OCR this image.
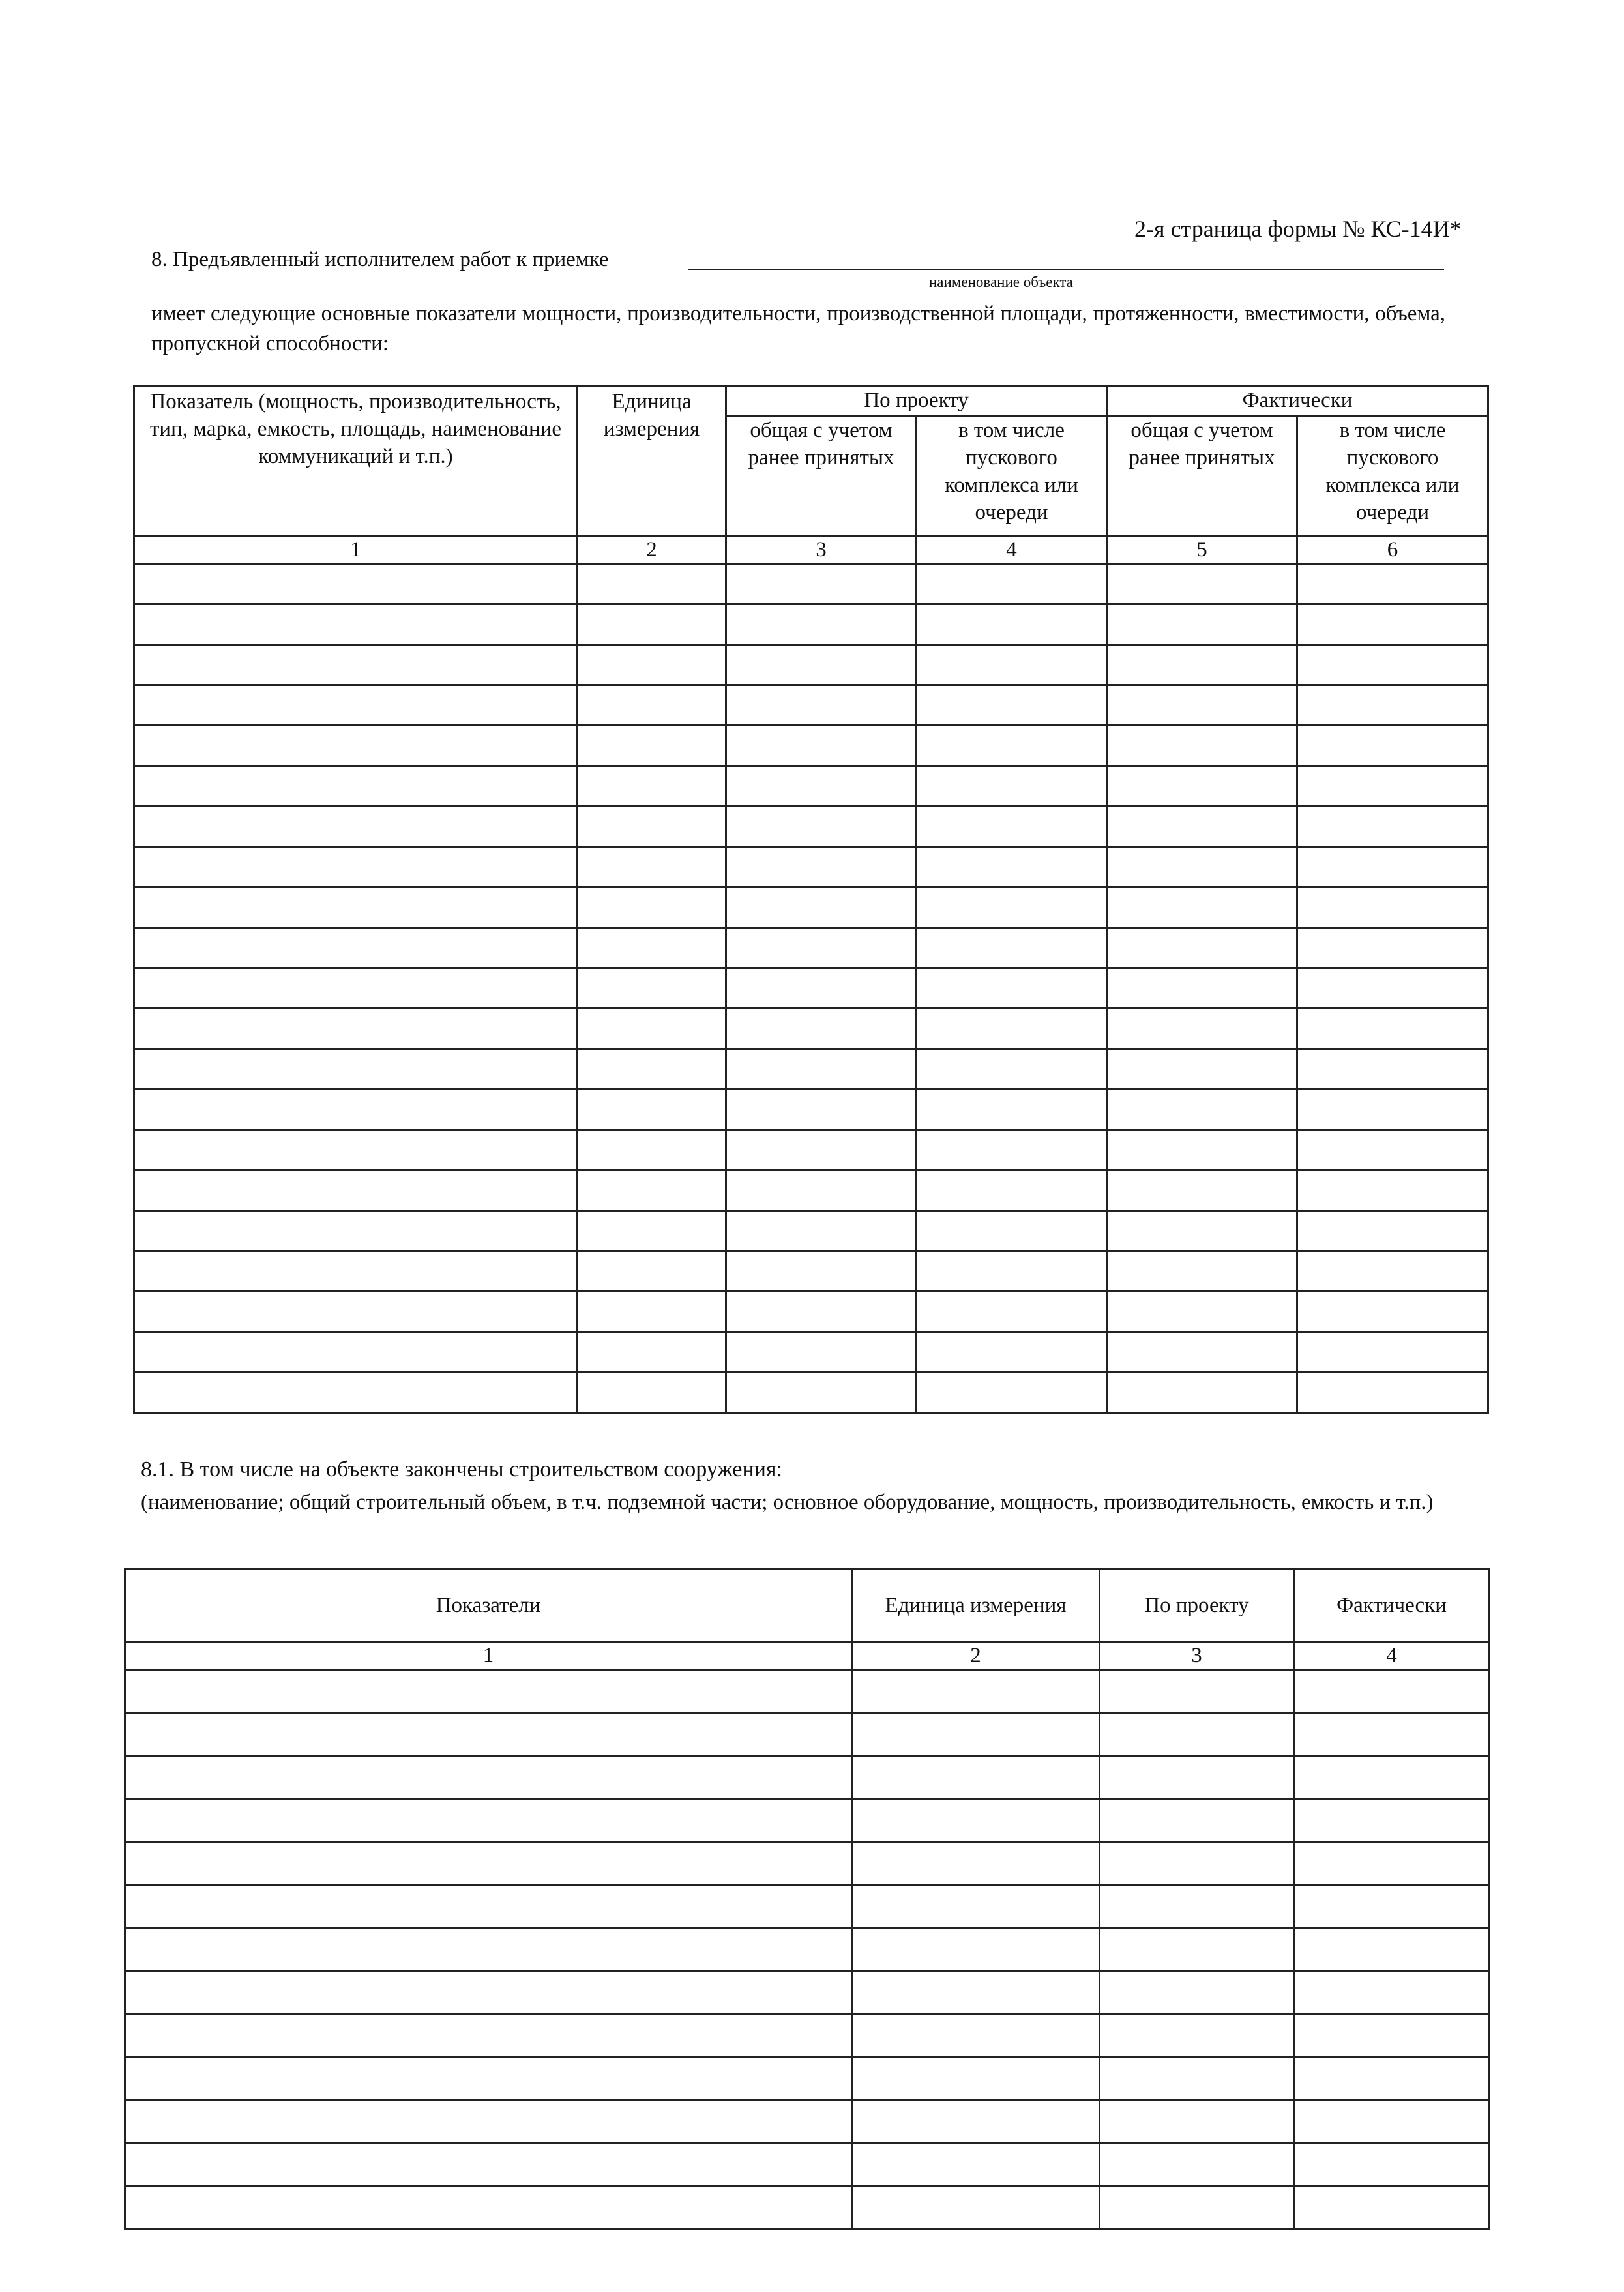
2-я страница формы № КС-14И*
8. Предъявленный исполнителем работ к приемке
наименование объекта
имеет следующие основные показатели мощности, производительности, производственной площади, протяженности, вместимости, объема, пропускной способности:
Показатель (мощность, производительность, тип, марка, емкость, площадь, наименование коммуникаций и т.п.)	Единица измерения	По проекту		Фактически	
		общая с учетом ранее принятых	в том числе пускового комплекса или очереди	общая с учетом ранее принятых	в том числе пускового комплекса или очереди
1	2	3	4	5	6

8.1. В том числе на объекте закончены строительством сооружения:
(наименование; общий строительный объем, в т.ч. подземной части; основное оборудование, мощность, производительность, емкость и т.п.)
Показатели	Единица измерения	По проекту	Фактически
1	2	3	4
